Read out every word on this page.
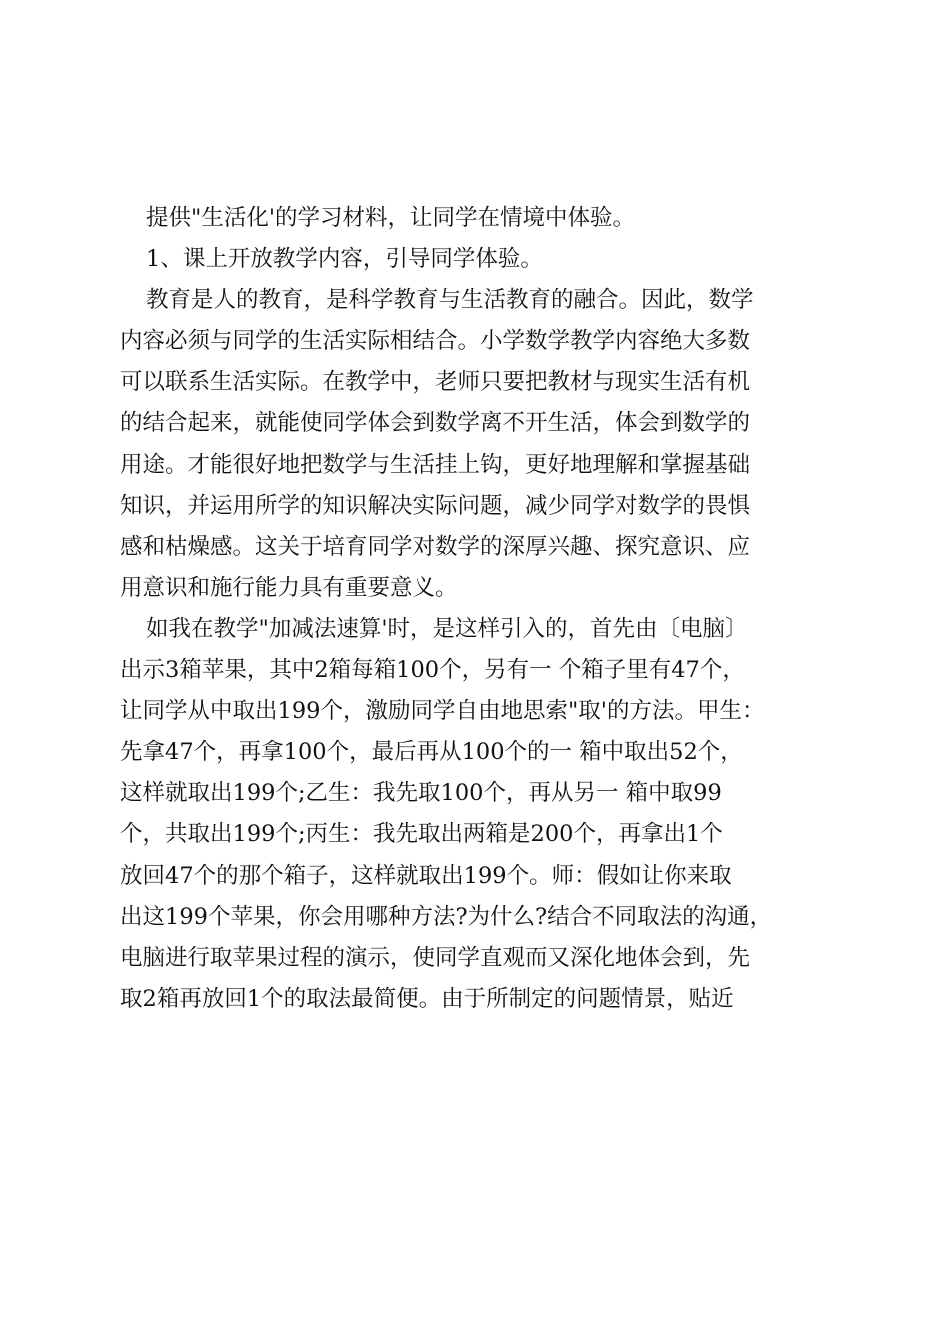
提供"生活化'的学习材料，让同学在情境中体验。
1、课上开放教学内容，引导同学体验。
教育是人的教育，是科学教育与生活教育的融合。因此，数学
内容必须与同学的生活实际相结合。小学数学教学内容绝大多数
可以联系生活实际。在教学中，老师只要把教材与现实生活有机
的结合起来，就能使同学体会到数学离不开生活，体会到数学的
用途。才能很好地把数学与生活挂上钩，更好地理解和掌握基础
知识，并运用所学的知识解决实际问题，减少同学对数学的畏惧
感和枯燥感。这关于培育同学对数学的深厚兴趣、探究意识、应
用意识和施行能力具有重要意义。
如我在教学"加减法速算'时，是这样引入的，首先由〔电脑〕
出示3箱苹果，其中2箱每箱100个，另有一 个箱子里有47个，
让同学从中取出199个，激励同学自由地思索"取'的方法。甲生：
先拿47个，再拿100个，最后再从100个的一 箱中取出52个，
这样就取出199个;乙生：我先取100个，再从另一 箱中取99
个，共取出199个;丙生：我先取出两箱是200个，再拿出1个
放回47个的那个箱子，这样就取出199个。师：假如让你来取
出这199个苹果，你会用哪种方法?为什么?结合不同取法的沟通，
电脑进行取苹果过程的演示，使同学直观而又深化地体会到，先
取2箱再放回1个的取法最简便。由于所制定的问题情景，贴近
